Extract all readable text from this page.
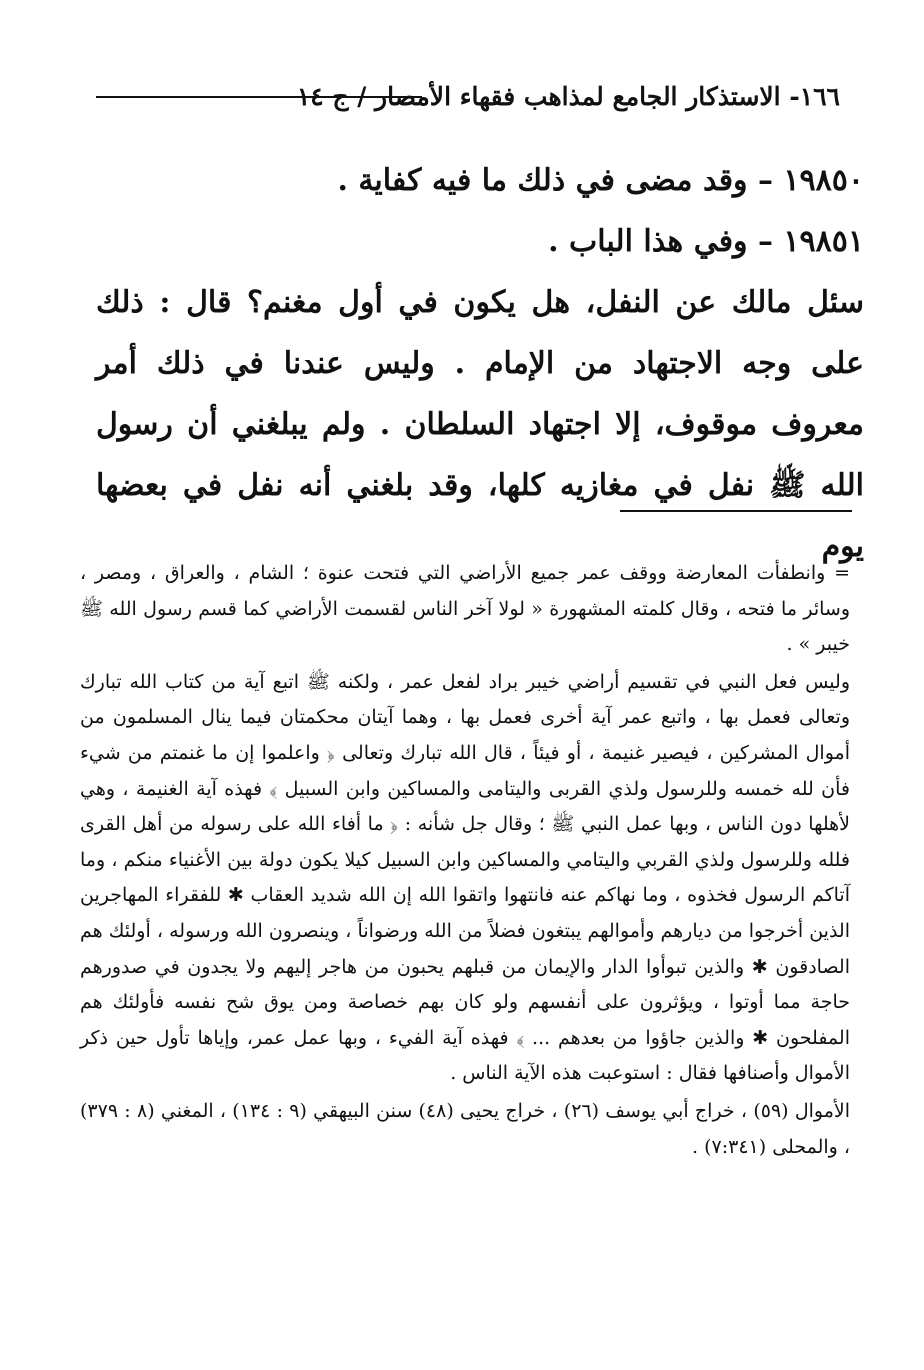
١٦٦- الاستذكار الجامع لمذاهب فقهاء الأمصار / ج ١٤

١٩٨٥٠ – وقد مضى في ذلك ما فيه كفاية .

١٩٨٥١ – وفي هذا الباب .

سئل مالك عن النفل، هل يكون في أول مغنم؟ قال : ذلك على وجه الاجتهاد من الإمام . وليس عندنا في ذلك أمر معروف موقوف، إلا اجتهاد السلطان . ولم يبلغني أن رسول الله ﷺ نفل في مغازيه كلها، وقد بلغني أنه نفل في بعضها يوم

= وانطفأت المعارضة ووقف عمر جميع الأراضي التي فتحت عنوة ؛ الشام ، والعراق ، ومصر ، وسائر ما فتحه ، وقال كلمته المشهورة « لولا آخر الناس لقسمت الأراضي كما قسم رسول الله ﷺ خيبر » .

وليس فعل النبي في تقسيم أراضي خيبر براد لفعل عمر ، ولكنه ﷺ اتبع آية من كتاب الله تبارك وتعالى فعمل بها ، واتبع عمر آية أخرى فعمل بها ، وهما آيتان محكمتان فيما ينال المسلمون من أموال المشركين ، فيصير غنيمة ، أو فيئاً ، قال الله تبارك وتعالى ﴿ واعلموا إن ما غنمتم من شيء فأن لله خمسه وللرسول ولذي القربى واليتامى والمساكين وابن السبيل ﴾ فهذه آية الغنيمة ، وهي لأهلها دون الناس ، وبها عمل النبي ﷺ ؛ وقال جل شأنه : ﴿ ما أفاء الله على رسوله من أهل القرى فلله وللرسول ولذي القربي واليتامي والمساكين وابن السبيل كيلا يكون دولة بين الأغنياء منكم ، وما آتاكم الرسول فخذوه ، وما نهاكم عنه فانتهوا واتقوا الله إن الله شديد العقاب ✱ للفقراء المهاجرين الذين أخرجوا من ديارهم وأموالهم يبتغون فضلاً من الله ورضواناً ، وينصرون الله ورسوله ، أولئك هم الصادقون ✱ والذين تبوأوا الدار والإيمان من قبلهم يحبون من هاجر إليهم ولا يجدون في صدورهم حاجة مما أوتوا ، ويؤثرون على أنفسهم ولو كان بهم خصاصة ومن يوق شح نفسه فأولئك هم المفلحون ✱ والذين جاؤوا من بعدهم ... ﴾ فهذه آية الفيء ، وبها عمل عمر، وإياها تأول حين ذكر الأموال وأصنافها فقال : استوعبت هذه الآية الناس .

الأموال (٥٩) ، خراج أبي يوسف (٢٦) ، خراج يحيى (٤٨) سنن البيهقي (٩ : ١٣٤) ، المغني (٨ : ٣٧٩) ، والمحلى (٧:٣٤١) .
